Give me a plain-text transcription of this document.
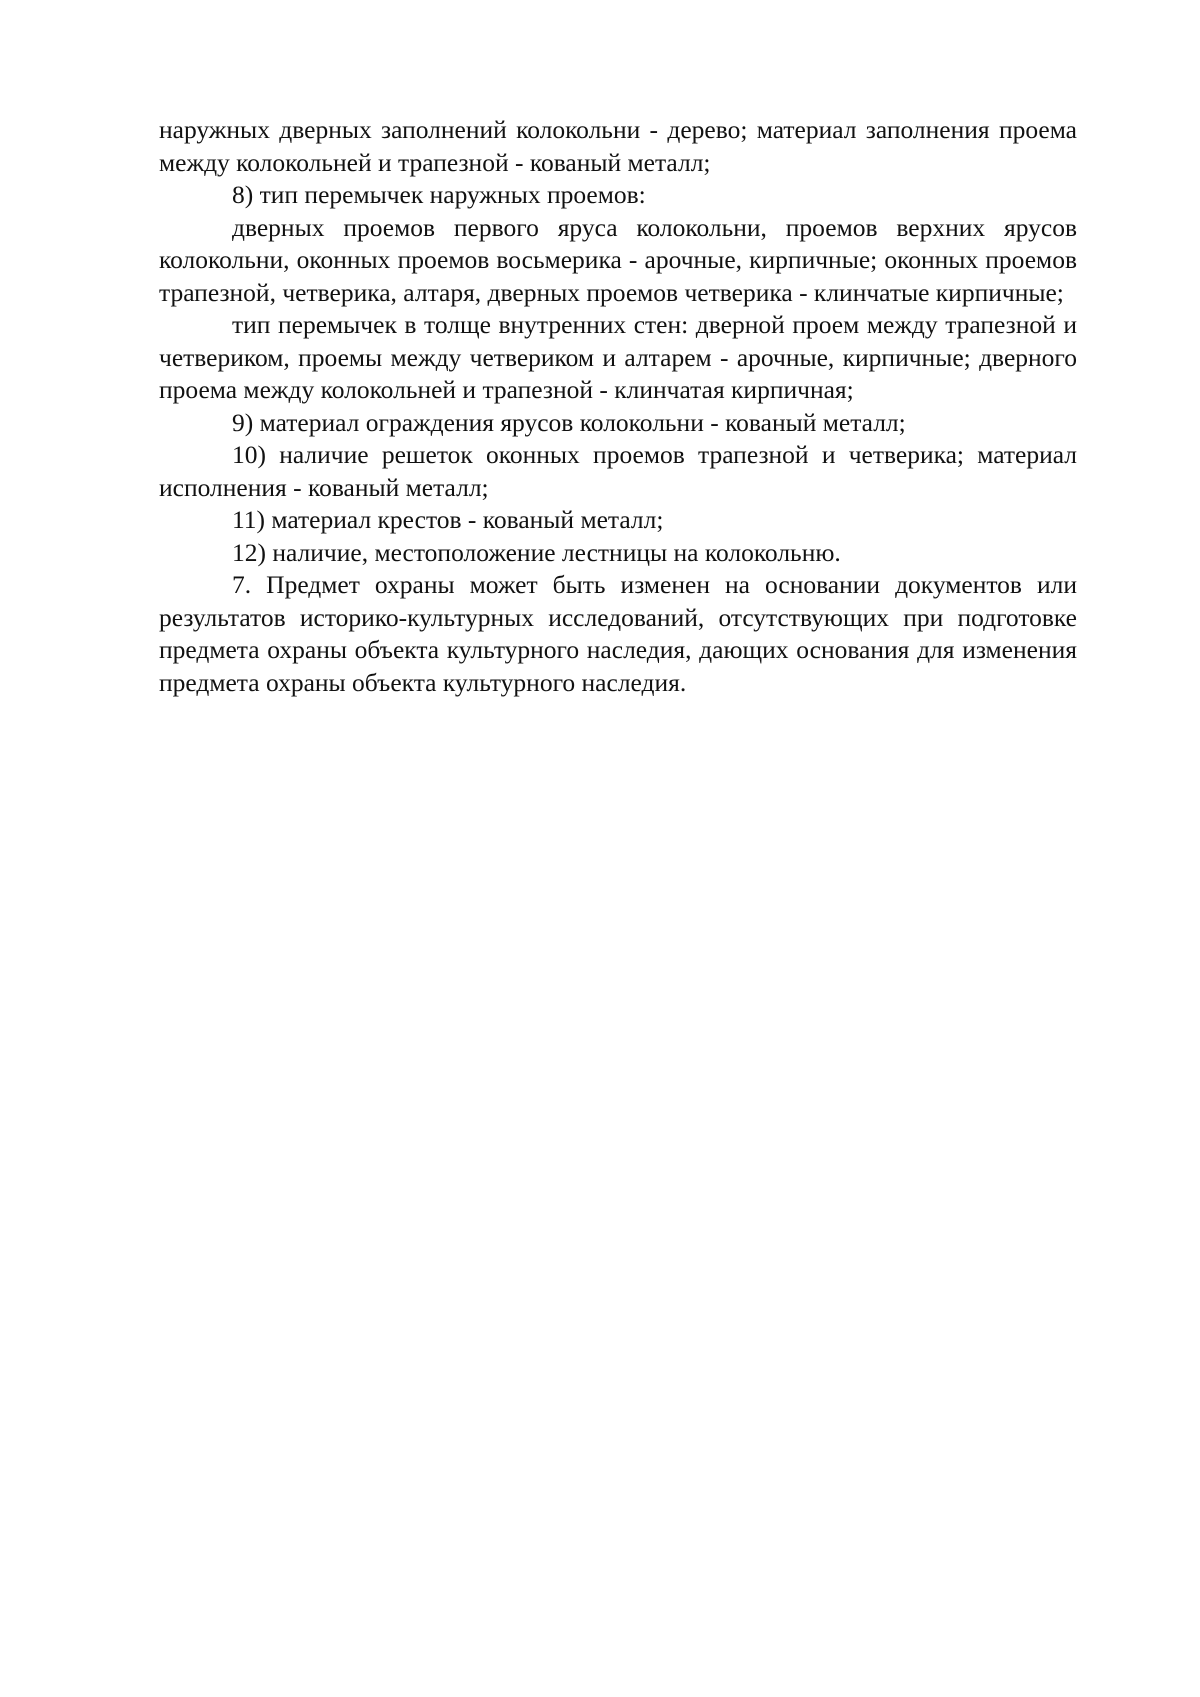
наружных дверных заполнений колокольни - дерево; материал заполнения проема между колокольней и трапезной - кованый металл;

8) тип перемычек наружных проемов:

дверных проемов первого яруса колокольни, проемов верхних ярусов колокольни, оконных проемов восьмерика - арочные, кирпичные; оконных проемов трапезной, четверика, алтаря, дверных проемов четверика - клинчатые кирпичные;

тип перемычек в толще внутренних стен: дверной проем между трапезной и четвериком, проемы между четвериком и алтарем - арочные, кирпичные; дверного проема между колокольней и трапезной - клинчатая кирпичная;

9) материал ограждения ярусов колокольни - кованый металл;

10) наличие решеток оконных проемов трапезной и четверика; материал исполнения - кованый металл;

11) материал крестов - кованый металл;

12) наличие, местоположение лестницы на колокольню.

7. Предмет охраны может быть изменен на основании документов или результатов историко-культурных исследований, отсутствующих при подготовке предмета охраны объекта культурного наследия, дающих основания для изменения предмета охраны объекта культурного наследия.
